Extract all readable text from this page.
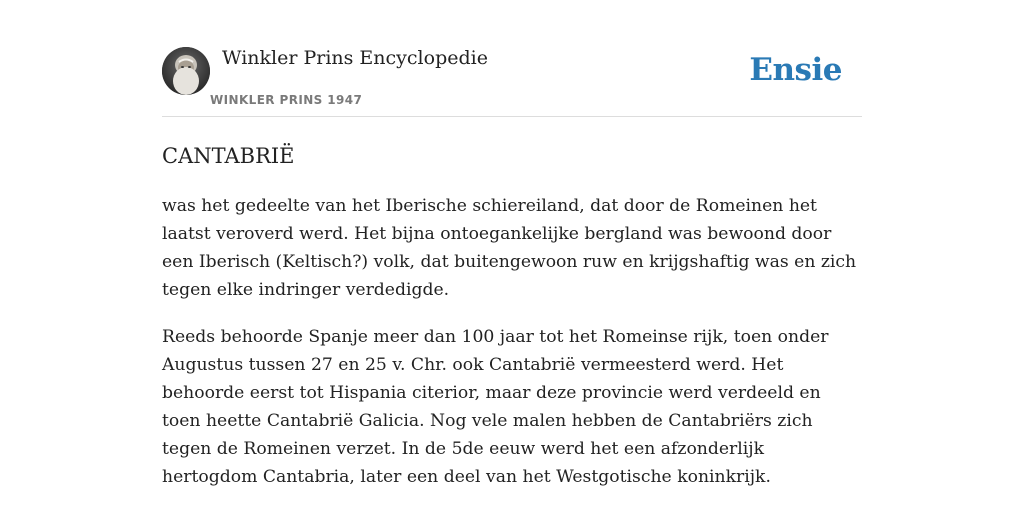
Winkler Prins Encyclopedie
WINKLER PRINS 1947
Ensie
CANTABRIË

was het gedeelte van het Iberische schiereiland, dat door de Romeinen het laatst veroverd werd. Het bijna ontoegankelijke bergland was bewoond door een Iberisch (Keltisch?) volk, dat buitengewoon ruw en krijgshaftig was en zich tegen elke indringer verdedigde.

Reeds behoorde Spanje meer dan 100 jaar tot het Romeinse rijk, toen onder Augustus tussen 27 en 25 v. Chr. ook Cantabrië vermeesterd werd. Het behoorde eerst tot Hispania citerior, maar deze provincie werd verdeeld en toen heette Cantabrië Galicia. Nog vele malen hebben de Cantabriërs zich tegen de Romeinen verzet. In de 5de eeuw werd het een afzonderlijk hertogdom Cantabria, later een deel van het Westgotische koninkrijk.
